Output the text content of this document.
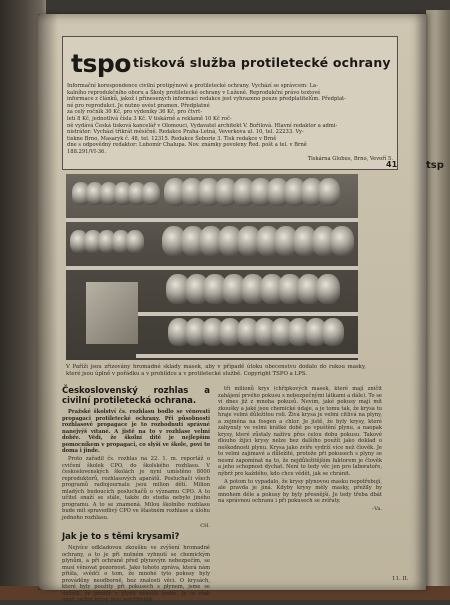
tsp
tspo tisková služba protiletecké ochrany

Informační korespondence civilní protipýnové a protiletecké ochrany. Vychází se správcem: La-

kalního reprodukčního oboru a Školy protiletecké ochrany v Luženě. Reprodukční právo textové

informace z článků, jakož i přinesených informací redakce jest vyhrazeno pouze předplatitelům. Předplat-

né pro reprodukci. Je nutno uvést pramen. Předplatné

za celý ročník 30 Kč, pro výdeníky 36 Kč, pro čtvrt-

letí 8 Kč, jednotlivá čísla 3 Kč. V tiskárně a reklamě 10 Kč roč-

ně vydává Česká tisková kancelář v Olomouci, Vydavatel architekt V. Bořilová. Hlavní redaktor a admi-

nistrátor: Vychází třikrát měsíčně. Redakce Praha-Letná, Veverkova ul. 10, tel. 22233. Vy-

tiskne Brno, Masaryk č. 48, tel. 12315. Redakce Šeborie 3. Tisk redakce v Brně

dne s odpovědný redaktor: Lubomír Chalupa. Nov. známky povoleny Řed. pošt a tel. v Brně

188.291/VI-36.

Tiskárna Globus, Brno, Vevoří 5.

41
V Paříži jsou zřizovány hromadné sklady masek, aby v případě útoku obecenstvu dodalo do rukou masky, které jsou úplně v pořádku a v prohlídce a v protiletecké službě. Copyright TSPO a LPS.
Československý rozhlas a civilní protiletecká ochrana.

Pražské školství čs. rozhlasu bodlo se věnovati propagaci protiletecké ochrany. Při působnosti rozhlasové propagace je to rozhodnutí správné nanejvýš vítané. A jistě na to v rozhlase velmi dobře. Vědí, že školní dítě je nejlepším pomocníkem v propagaci, co slyší ve škole, poví to doma i jinde.

Proto zařadil čs. rozhlas na 22. 1. m. reportáž o cvičení školek CPO, do školského rozhlasu. V československých školách je nyní umístěno 8000 reproduktorů, rozhlasových aparátů. Posluchači všech programů radiojournalu jsou milion dětí. Milion mladých budoucích posluchačů o významu CPO. A to učitel snaží se stále, takže do studia nebylo jiného programu. A to se znamená. Milou školního rozhlasu bude mít spravedlivý CPO ve šťastném rozhlase a úlohu jednoho rozhlasu.

CH.
Jak je to s těmi krysami?

Nejvíce odkladovou zkoušku ve zvýšení hromadné ochrany, a to je při nutném vyhnutí se chemickým plynům, a při ochraně před plynovým nebezpečím, se musí věnovat pozornost. Jako tohoto zpráva, která nám přišla, svědčí o tom, že mnohé tyto pokusy byly prováděny neodborně, bez znalosti věci. O krysách, které byly použity při pokusech s plynem, jsme se dočetli, že přežily v plynu několik hodin. Je to však omyl, neboť krysy jsou nejcitlivější.

tři milionů krys (chřipkových masek, které mají zničit zahájení prvého pokusu s nebezpečnými látkami a dále). To se ví dnes již z mnoha pokusů. Nevím, jaké pokusy mají mít zkoušky a jaké jsou chemické údaje, a je tomu tak, že krysa tu hraje velmi důležitou roli. Živá krysa je velmi citlivá na plyny, a zejména na fosgen a chlor. Je jistě, že byly krysy, které zahynuly ve velmi krátké době po vpuštění plynu, a naopak krysy, které zůstaly naživu přes celou dobu pokusu. Takové dlouho žijící krysy nelze bez dalšího použít jako doklad o neškodnosti plynu. Krysa jako zvíře vydrží více než člověk. Je to velmi zajímavé a důležité, protože při pokusech s plyny se nesmí zapomínat na to, že nejdůležitějším faktorem je člověk a jeho schopnost dýchat. Není to tedy věc jen pro laboratoře, nýbrž pro každého, kdo chce vědět, jak se chránit.

A potom to vypadalo, že krysy plynovou masku nepotřebují, ale pravda je jiná. Kdyby krysy měly masky, přežily by mnohem déle a pokusy by byly přesnější. Je tedy třeba dbát na správnou ochranu i při pokusech se zvířaty.

–Va.
11. II.
